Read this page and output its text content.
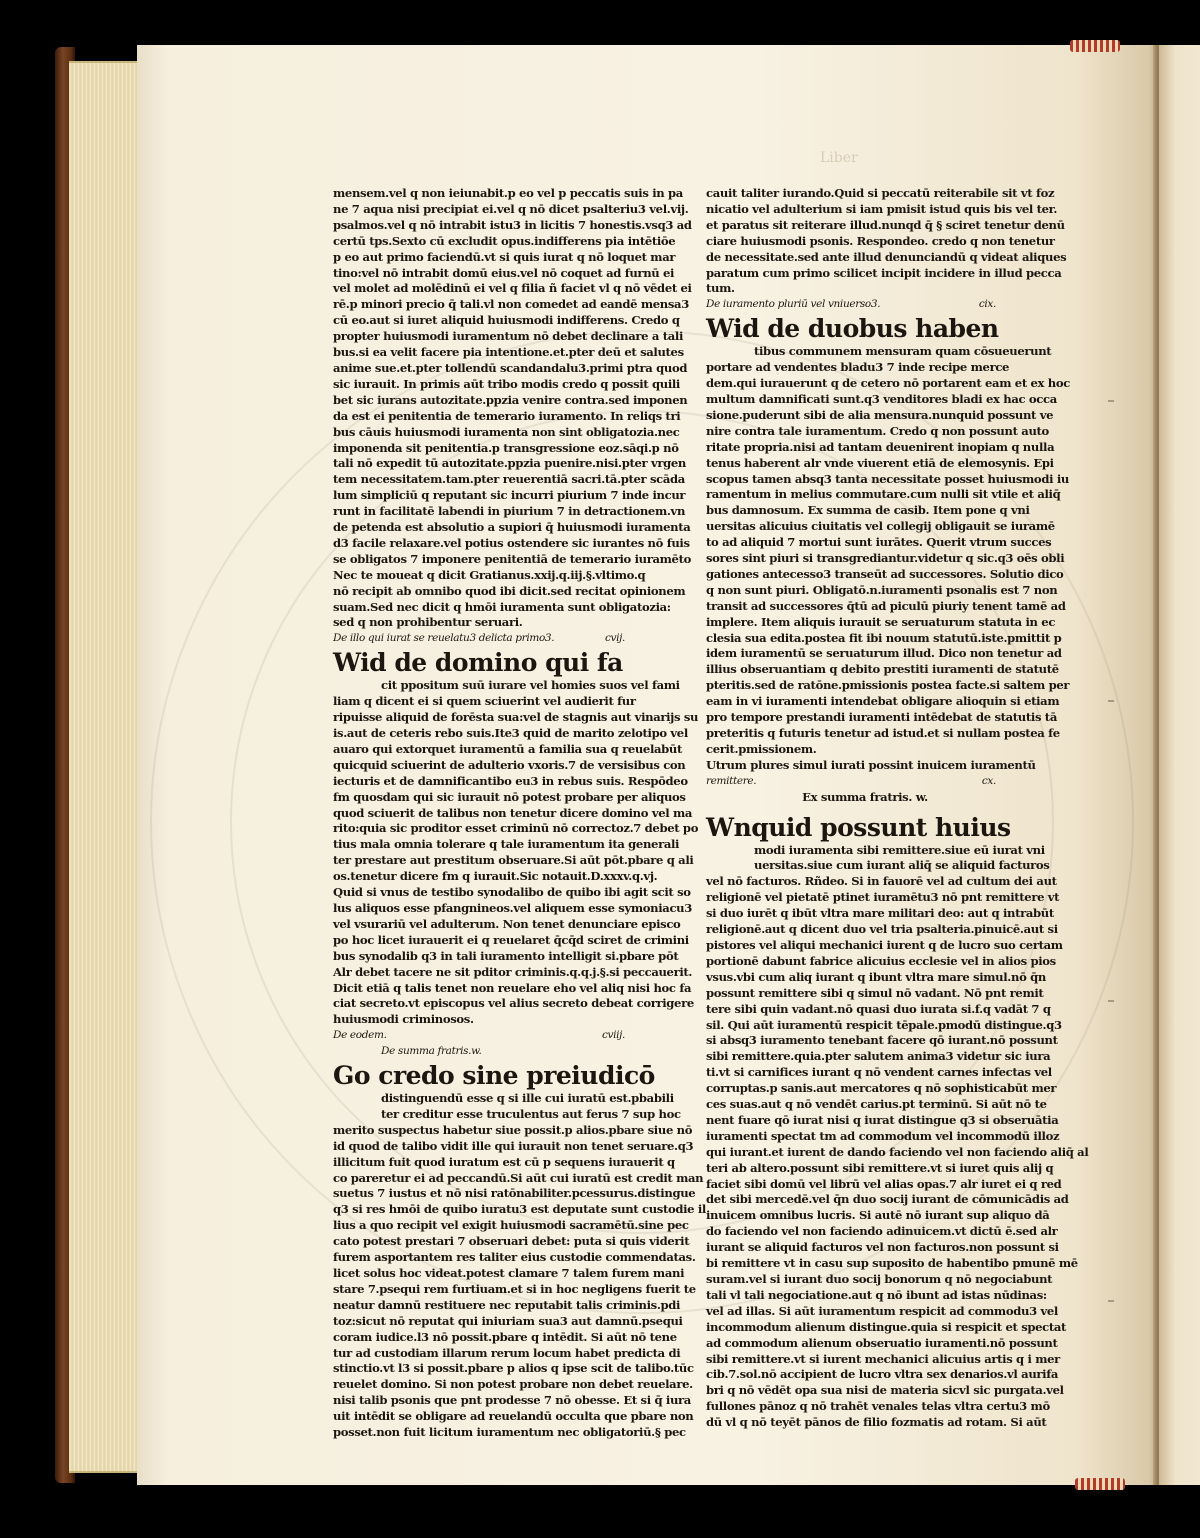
Liber
mensem.vel q non ieiunabit.p eo vel p peccatis suis in pa
ne 7 aqua nisi precipiat ei.vel q nō dicet psalteriu3 vel.vij.
psalmos.vel q nō intrabit istu3 in licitis 7 honestis.vsq3 ad
certū tps.Sexto cū excludit opus.indifferens pia intētiōe
p eo aut primo faciendū.vt si quis iurat q nō loquet mar
tino:vel nō intrabit domū eius.vel nō coquet ad furnū ei
vel molet ad molēdinū ei vel q filia ñ faciet vl q nō vēdet ei
rē.p minori precio q̄ tali.vl non comedet ad eandē mensa3
cū eo.aut si iuret aliquid huiusmodi indifferens. Credo q
propter huiusmodi iuramentum nō debet declinare a tali
bus.si ea velit facere pia intentione.et.pter deū et salutes
anime sue.et.pter tollendū scandandalu3.primi ptra quod
sic iurauit. In primis aūt tribo modis credo q possit quili
bet sic iurans autozitate.ppzia venire contra.sed imponen
da est ei penitentia de temerario iuramento. In reliqs tri
bus cāuis huiusmodi iuramenta non sint obligatozia.nec
imponenda sit penitentia.p transgressione eoz.sāqi.p nō
tali nō expedit tū autozitate.ppzia puenire.nisi.pter vrgen
tem necessitatem.tam.pter reuerentiā sacri.tā.pter scāda
lum simpliciū q reputant sic incurri piurium 7 inde incur
runt in facilitatē labendi in piurium 7 in detractionem.vn
de petenda est absolutio a supiori q̄ huiusmodi iuramenta
d3 facile relaxare.vel potius ostendere sic iurantes nō fuis
se obligatos 7 imponere penitentiā de temerario iuramēto
Nec te moueat q dicit Gratianus.xxij.q.iij.§.vltimo.q
nō recipit ab omnibo quod ibi dicit.sed recitat opinionem
suam.Sed nec dicit q hmōi iuramenta sunt obligatozia:
sed q non prohibentur seruari.
De illo qui iurat se reuelatu3 delicta primo3.	cvij.
Wid de domino qui fa
cit ppositum suū iurare vel homies suos vel fami
liam q dicent ei si quem sciuerint vel audierit fur
ripuisse aliquid de forēsta sua:vel de stagnis aut vinarijs su
is.aut de ceteris rebo suis.Ite3 quid de marito zelotipo vel
auaro qui extorquet iuramentū a familia sua q reuelabūt
quicquid sciuerint de adulterio vxoris.7 de versisibus con
iecturis et de damnificantibo eu3 in rebus suis. Respōdeo
fm quosdam qui sic iurauit nō potest probare per aliquos
quod sciuerit de talibus non tenetur dicere domino vel ma
rito:quia sic proditor esset criminū nō correctoz.7 debet po
tius mala omnia tolerare q tale iuramentum ita generali
ter prestare aut prestitum obseruare.Si aūt pōt.pbare q ali
os.tenetur dicere fm q iurauit.Sic notauit.D.xxxv.q.vj.
Quid si vnus de testibo synodalibo de quibo ibi agit scit so
lus aliquos esse pfangnineos.vel aliquem esse symoniacu3
vel vsurariū vel adulterum. Non tenet denunciare episco
po hoc licet iurauerit ei q reuelaret q̄cq̄d sciret de crimini
bus synodalib q3 in tali iuramento intelligit si.pbare pōt
Alr debet tacere ne sit pditor criminis.q.q.j.§.si peccauerit.
Dicit etiā q talis tenet non reuelare eho vel aliq nisi hoc fa
ciat secreto.vt episcopus vel alius secreto debeat corrigere
huiusmodi criminosos.
De eodem.	cviij.
De summa fratris.w.
Go credo sine preiudicō
distinguendū esse q si ille cui iuratū est.pbabili
ter creditur esse truculentus aut ferus 7 sup hoc
merito suspectus habetur siue possit.p alios.pbare siue nō
id quod de talibo vidit ille qui iurauit non tenet seruare.q3
illicitum fuit quod iuratum est cū p sequens iurauerit q
co pareretur ei ad peccandū.Si aūt cui iuratū est credit man
suetus 7 iustus et nō nisi ratōnabiliter.pcessurus.distingue
q3 si res hmōi de quibo iuratu3 est deputate sunt custodie il
lius a quo recipit vel exigit huiusmodi sacramētū.sine pec
cato potest prestari 7 obseruari debet: puta si quis viderit
furem asportantem res taliter eius custodie commendatas.
licet solus hoc videat.potest clamare 7 talem furem mani
stare 7.psequi rem furtiuam.et si in hoc negligens fuerit te
neatur damnū restituere nec reputabit talis criminis.pdi
toz:sicut nō reputat qui iniuriam sua3 aut damnū.psequi
coram iudice.l3 nō possit.pbare q intēdit. Si aūt nō tene
tur ad custodiam illarum rerum locum habet predicta di
stinctio.vt l3 si possit.pbare p alios q ipse scit de talibo.tūc
reuelet domino. Si non potest probare non debet reuelare.
nisi talib psonis que pnt prodesse 7 nō obesse. Et si q̄ iura
uit intēdit se obligare ad reuelandū occulta que pbare non
posset.non fuit licitum iuramentum nec obligatoriū.§ pec
cauit taliter iurando.Quid si peccatū reiterabile sit vt foz
nicatio vel adulterium si iam pmisit istud quis bis vel ter.
et paratus sit reiterare illud.nunqd q̄ § sciret tenetur denū
ciare huiusmodi psonis. Respondeo. credo q non tenetur
de necessitate.sed ante illud denunciandū q videat aliques
paratum cum primo scilicet incipit incidere in illud pecca
tum.
De iuramento pluriū vel vniuerso3.	cix.
Wid de duobus haben
tibus communem mensuram quam cōsueuerunt
portare ad vendentes bladu3 7 inde recipe merce
dem.qui iurauerunt q de cetero nō portarent eam et ex hoc
multum damnificati sunt.q3 venditores bladi ex hac occa
sione.puderunt sibi de alia mensura.nunquid possunt ve
nire contra tale iuramentum. Credo q non possunt auto
ritate propria.nisi ad tantam deuenirent inopiam q nulla
tenus haberent alr vnde viuerent etiā de elemosynis. Epi
scopus tamen absq3 tanta necessitate posset huiusmodi iu
ramentum in melius commutare.cum nulli sit vtile et aliq̄
bus damnosum. Ex summa de casib. Item pone q vni
uersitas alicuius ciuitatis vel collegij obligauit se iuramē
to ad aliquid 7 mortui sunt iurātes. Querit vtrum succes
sores sint piuri si transgrediantur.videtur q sic.q3 oēs obli
gationes antecesso3 transeūt ad successores. Solutio dico
q non sunt piuri. Obligatō.n.iuramenti psonalis est 7 non
transit ad successores q̄tū ad piculū piuriy tenent tamē ad
implere. Item aliquis iurauit se seruaturum statuta in ec
clesia sua edita.postea fit ibi nouum statutū.iste.pmittit p
idem iuramentū se seruaturum illud. Dico non tenetur ad
illius obseruantiam q debito prestiti iuramenti de statutē
pteritis.sed de ratōne.pmissionis postea facte.si saltem per
eam in vi iuramenti intendebat obligare alioquin si etiam
pro tempore prestandi iuramenti intēdebat de statutis tā
preteritis q futuris tenetur ad istud.et si nullam postea fe
cerit.pmissionem.
Utrum plures simul iurati possint inuicem iuramentū
remittere.	cx.
Ex summa fratris. w.
Wnquid possunt huius
modi iuramenta sibi remittere.siue eū iurat vni
uersitas.siue cum iurant aliq̄ se aliquid facturos
vel nō facturos. Rñdeo. Si in fauorē vel ad cultum dei aut
religionē vel pietatē ptinet iuramētu3 nō pnt remittere vt
si duo iurēt q ibūt vltra mare militari deo: aut q intrabūt
religionē.aut q dicent duo vel tria psalteria.pinuicē.aut si
pistores vel aliqui mechanici iurent q de lucro suo certam
portionē dabunt fabrice alicuius ecclesie vel in alios pios
vsus.vbi cum aliq iurant q ibunt vltra mare simul.nō q̄n
possunt remittere sibi q simul nō vadant. Nō pnt remit
tere sibi quin vadant.nō quasi duo iurata si.f.q vadāt 7 q
sil. Qui aūt iuramentū respicit tēpale.pmodū distingue.q3
si absq3 iuramento tenebant facere qō iurant.nō possunt
sibi remittere.quia.pter salutem anima3 videtur sic iura
ti.vt si carnifices iurant q nō vendent carnes infectas vel
corruptas.p sanis.aut mercatores q nō sophisticabūt mer
ces suas.aut q nō vendēt carius.pt terminū. Si aūt nō te
nent fuare qō iurat nisi q iurat distingue q3 si obseruātia
iuramenti spectat tm ad commodum vel incommodū illoz
qui iurant.et iurent de dando faciendo vel non faciendo aliq̄ al
teri ab altero.possunt sibi remittere.vt si iuret quis alij q
faciet sibi domū vel librū vel alias opas.7 alr iuret ei q red
det sibi mercedē.vel q̄n duo socij iurant de cōmunicādis ad
inuicem omnibus lucris. Si autē nō iurant sup aliquo dā
do faciendo vel non faciendo adinuicem.vt dictū ē.sed alr
iurant se aliquid facturos vel non facturos.non possunt si
bi remittere vt in casu sup suposito de habentibo pmunē mē
suram.vel si iurant duo socij bonorum q nō negociabunt
tali vl tali negociatione.aut q nō ibunt ad istas nūdinas:
vel ad illas. Si aūt iuramentum respicit ad commodu3 vel
incommodum alienum distingue.quia si respicit et spectat
ad commodum alienum obseruatio iuramenti.nō possunt
sibi remittere.vt si iurent mechanici alicuius artis q i mer
cib.7.sol.nō accipient de lucro vltra sex denarios.vl aurifa
bri q nō vēdēt opa sua nisi de materia sicvl sic purgata.vel
fullones pānoz q nō trahēt venales telas vltra certu3 mō
dū vl q nō teyēt pānos de filio fozmatis ad rotam. Si aūt
